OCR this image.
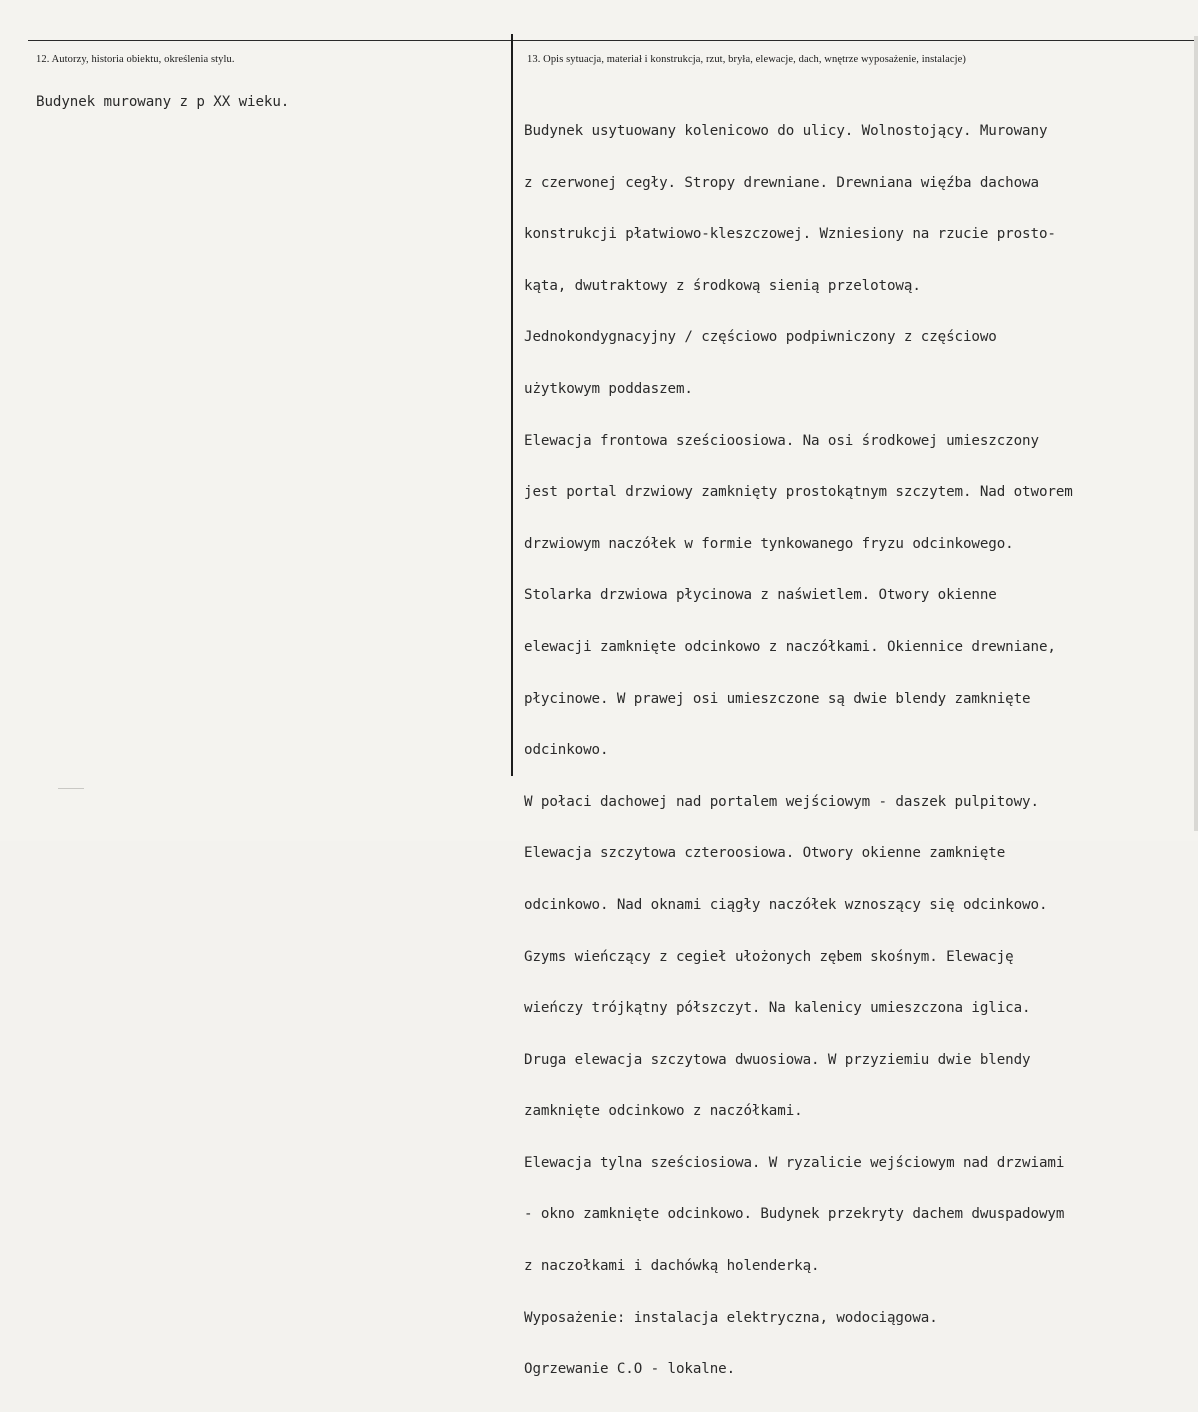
12. Autorzy, historia obiektu, określenia stylu.	13. Opis sytuacja, materiał i konstrukcja, rzut, bryła, elewacje, dach, wnętrze wyposażenie, instalacje)
Budynek murowany z p XX wieku.

Budynek usytuowany kolenicowo do ulicy. Wolnostojący. Murowany

z czerwonej cegły. Stropy drewniane. Drewniana więźba dachowa

konstrukcji płatwiowo-kleszczowej. Wzniesiony na rzucie prosto-

kąta, dwutraktowy z środkową sienią przelotową.

Jednokondygnacyjny / częściowo podpiwniczony z częściowo

użytkowym poddaszem.

Elewacja frontowa sześcioosiowa. Na osi środkowej umieszczony

jest portal drzwiowy zamknięty prostokątnym szczytem. Nad otworem

drzwiowym naczółek w formie tynkowanego fryzu odcinkowego.

Stolarka drzwiowa płycinowa z naświetlem. Otwory okienne

elewacji zamknięte odcinkowo z naczółkami. Okiennice drewniane,

płycinowe. W prawej osi umieszczone są dwie blendy zamknięte

odcinkowo.

W połaci dachowej nad portalem wejściowym - daszek pulpitowy.

Elewacja szczytowa czteroosiowa. Otwory okienne zamknięte

odcinkowo. Nad oknami ciągły naczółek wznoszący się odcinkowo.

Gzyms wieńczący z cegieł ułożonych zębem skośnym. Elewację

wieńczy trójkątny półszczyt. Na kalenicy umieszczona iglica.

Druga elewacja szczytowa dwuosiowa. W przyziemiu dwie blendy

zamknięte odcinkowo z naczółkami.

Elewacja tylna sześciosiowa. W ryzalicie wejściowym nad drzwiami

- okno zamknięte odcinkowo. Budynek przekryty dachem dwuspadowym

z naczołkami i dachówką holenderką.

Wyposażenie: instalacja elektryczna, wodociągowa.

Ogrzewanie C.O - lokalne.
